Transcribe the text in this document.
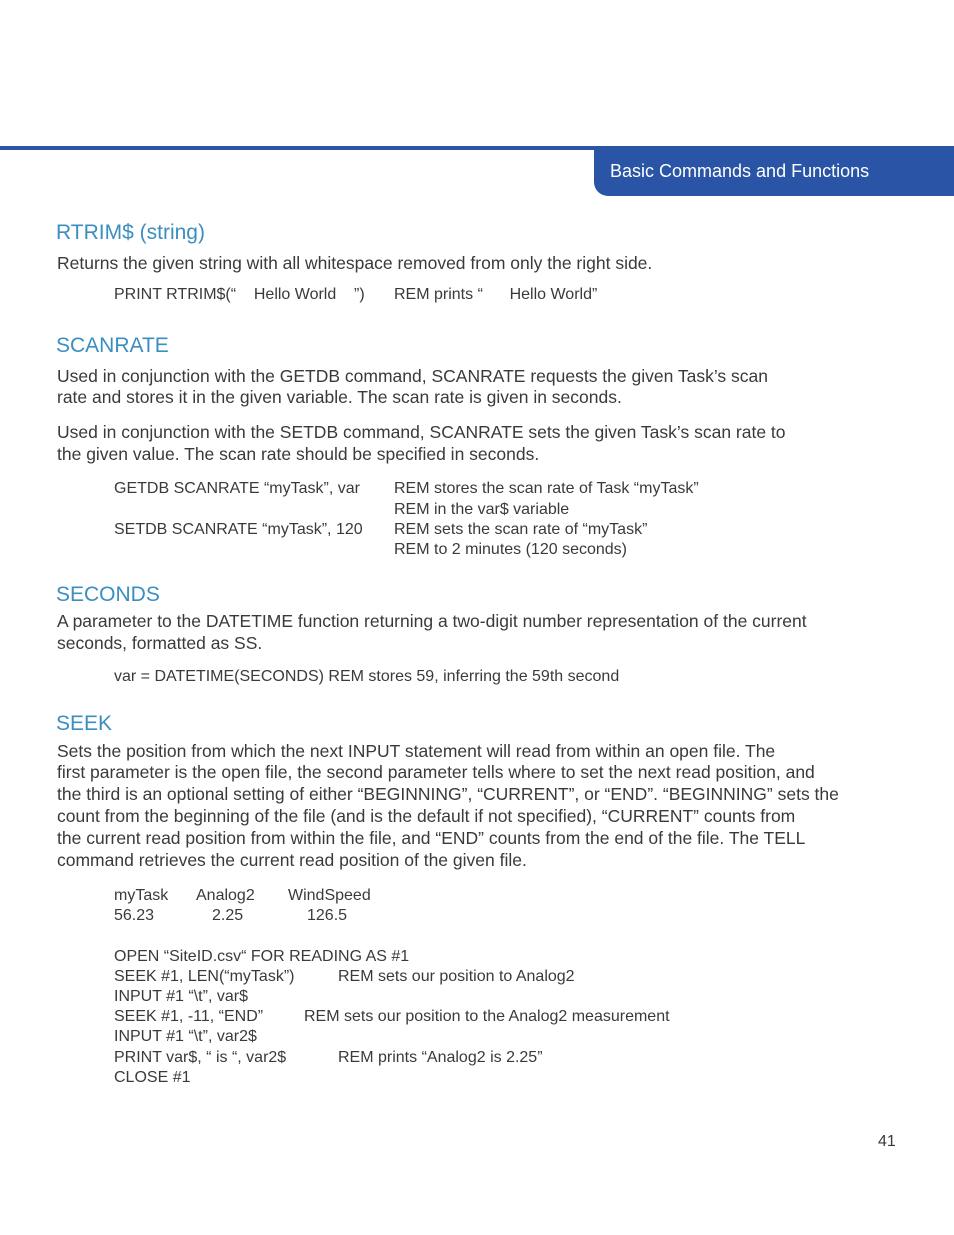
Basic Commands and Functions
RTRIM$ (string)

Returns the given string with all whitespace removed from only the right side.

PRINT RTRIM$(“    Hello World    ”) REM prints “      Hello World”
SCANRATE

Used in conjunction with the GETDB command, SCANRATE requests the given Task’s scan

rate and stores it in the given variable. The scan rate is given in seconds.

Used in conjunction with the SETDB command, SCANRATE sets the given Task’s scan rate to

the given value. The scan rate should be specified in seconds.

GETDB SCANRATE “myTask”, var REM stores the scan rate of Task “myTask”
REM in the var$ variable
SETDB SCANRATE “myTask”, 120 REM sets the scan rate of “myTask”
REM to 2 minutes (120 seconds)
SECONDS

A parameter to the DATETIME function returning a two-digit number representation of the current

seconds, formatted as SS.

var = DATETIME(SECONDS) REM stores 59, inferring the 59th second
SEEK

Sets the position from which the next INPUT statement will read from within an open file. The

first parameter is the open file, the second parameter tells where to set the next read position, and

the third is an optional setting of either “BEGINNING”, “CURRENT”, or “END”. “BEGINNING” sets the

count from the beginning of the file (and is the default if not specified), “CURRENT” counts from

the current read position from within the file, and “END” counts from the end of the file. The TELL

command retrieves the current read position of the given file.

myTask Analog2 WindSpeed
56.23	2.25	126.5
OPEN “SiteID.csv“ FOR READING AS #1
SEEK #1, LEN(“myTask”)	REM sets our position to Analog2
INPUT #1 “\t”, var$
SEEK #1, -11, “END”	REM sets our position to the Analog2 measurement
INPUT #1 “\t”, var2$
PRINT var$, “ is “, var2$	REM prints “Analog2 is 2.25”
CLOSE #1
41
